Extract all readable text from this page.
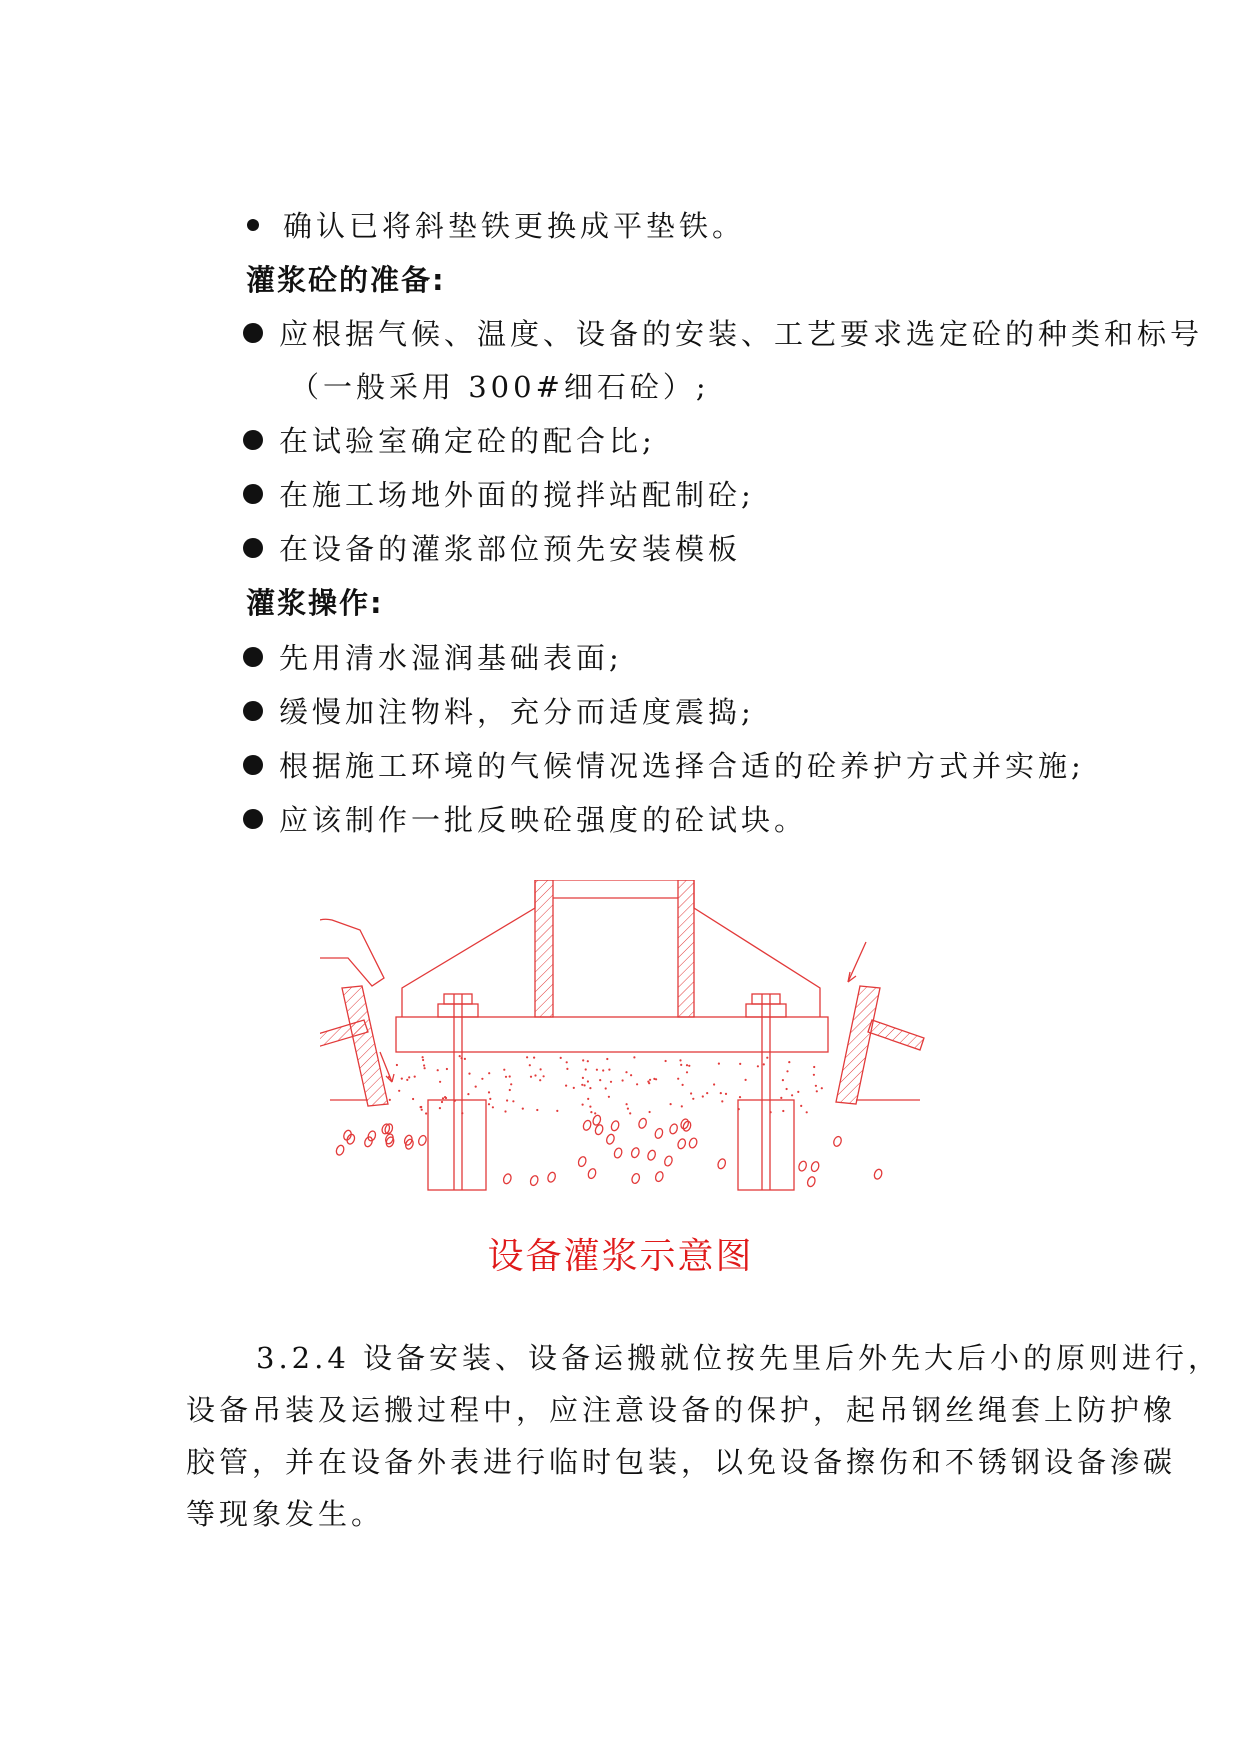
确认已将斜垫铁更换成平垫铁。
灌浆砼的准备:
应根据气候、温度、设备的安装、工艺要求选定砼的种类和标号
（一般采用 300#细石砼）;
在试验室确定砼的配合比;
在施工场地外面的搅拌站配制砼;
在设备的灌浆部位预先安装模板
灌浆操作:
先用清水湿润基础表面;
缓慢加注物料，充分而适度震捣;
根据施工环境的气候情况选择合适的砼养护方式并实施;
应该制作一批反映砼强度的砼试块。
设备灌浆示意图
3.2.4 设备安装、设备运搬就位按先里后外先大后小的原则进行，
设备吊装及运搬过程中，应注意设备的保护，起吊钢丝绳套上防护橡
胶管，并在设备外表进行临时包装，以免设备擦伤和不锈钢设备渗碳
等现象发生。
